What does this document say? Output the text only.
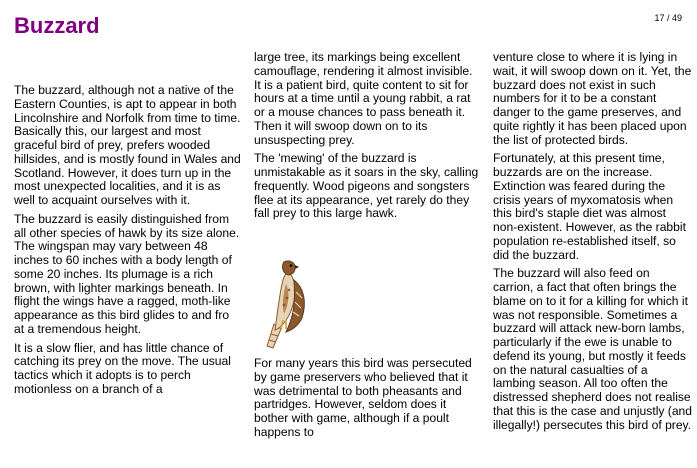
Buzzard	17 / 49

The buzzard, although not a native of the Eastern Counties, is apt to appear in both Lincolnshire and Norfolk from time to time. Basically this, our largest and most graceful bird of prey, prefers wooded hillsides, and is mostly found in Wales and Scotland. However, it does turn up in the most unexpected localities, and it is as well to acquaint ourselves with it.

The buzzard is easily distinguished from all other species of hawk by its size alone. The wingspan may vary between 48 inches to 60 inches with a body length of some 20 inches. Its plumage is a rich brown, with lighter markings beneath. In flight the wings have a ragged, moth-like appearance as this bird glides to and fro at a tremendous height.

It is a slow flier, and has little chance of catching its prey on the move. The usual tactics which it adopts is to perch motionless on a branch of a

large tree, its markings being excellent camouflage, rendering it almost invisible. It is a patient bird, quite content to sit for hours at a time until a young rabbit, a rat or a mouse chances to pass beneath it. Then it will swoop down on to its unsuspecting prey.

The 'mewing' of the buzzard is unmistakable as it soars in the sky, calling frequently. Wood pigeons and songsters flee at its appearance, yet rarely do they fall prey to this large hawk.

For many years this bird was persecuted by game preservers who believed that it was detrimental to both pheasants and partridges. However, seldom does it bother with game, although if a poult happens to

venture close to where it is lying in wait, it will swoop down on it. Yet, the buzzard does not exist in such numbers for it to be a constant danger to the game preserves, and quite rightly it has been placed upon the list of protected birds.

Fortunately, at this present time, buzzards are on the increase. Extinction was feared during the crisis years of myxomatosis when this bird's staple diet was almost non-existent. However, as the rabbit population re-established itself, so did the buzzard.

The buzzard will also feed on carrion, a fact that often brings the blame on to it for a killing for which it was not responsible. Sometimes a buzzard will attack new-born lambs, particularly if the ewe is unable to defend its young, but mostly it feeds on the natural casualties of a lambing season. All too often the distressed shepherd does not realise that this is the case and unjustly (and illegally!) persecutes this bird of prey.
